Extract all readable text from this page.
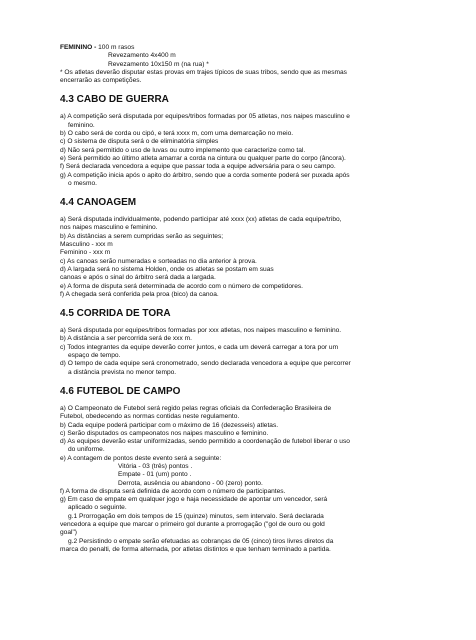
FEMININO - 100 m rasos
Revezamento 4x400 m
Revezamento 10x150 m (na rua) *
* Os atletas deverão disputar estas provas em trajes típicos de suas tribos, sendo que as mesmas
encerrarão as competições.
4.3 CABO DE GUERRA
a) A competição será disputada por equipes/tribos formadas por 05 atletas, nos naipes masculino e
feminino.
b) O cabo será de corda ou cipó, e terá xxxx m, com uma demarcação no meio.
c) O sistema de disputa será o de eliminatória simples
d) Não será permitido o uso de luvas ou outro implemento que caracterize como tal.
e) Será permitido ao último atleta amarrar a corda na cintura ou qualquer parte do corpo (âncora).
f) Será declarada vencedora a equipe que passar toda a equipe adversária para o seu campo.
g) A competição inicia após o apito do árbitro, sendo que a corda somente poderá ser puxada após
o mesmo.
4.4 CANOAGEM
a) Será disputada individualmente, podendo participar até xxxx (xx) atletas de cada equipe/tribo,
nos naipes masculino e feminino.
b) As distâncias a serem cumpridas serão as seguintes;
Masculino - xxx m
Feminino - xxx m
c) As canoas serão numeradas e sorteadas no dia anterior à prova.
d) A largada será no sistema Holden, onde os atletas se postam em suas
canoas e após o sinal do árbitro será dada a largada.
e) A forma de disputa será determinada de acordo com o número de competidores.
f) A chegada será conferida pela proa (bico) da canoa.
4.5 CORRIDA DE TORA
a) Será disputada por equipes/tribos formadas por xxx atletas, nos naipes masculino e feminino.
b) A distância a ser percorrida será de xxx m.
c) Todos integrantes da equipe deverão correr juntos, e cada um deverá carregar a tora por um
espaço de tempo.
d) O tempo de cada equipe será cronometrado, sendo declarada vencedora a equipe que percorrer
a distância prevista no menor tempo.
4.6 FUTEBOL DE CAMPO
a) O Campeonato de Futebol será regido pelas regras oficiais da Confederação Brasileira de
Futebol, obedecendo as normas contidas neste regulamento.
b) Cada equipe poderá participar com o máximo de 16 (dezesseis) atletas.
c) Serão disputados os campeonatos nos naipes masculino e feminino.
d) As equipes deverão estar uniformizadas, sendo permitido a coordenação de futebol liberar o uso
do uniforme.
e) A contagem de pontos deste evento será a seguinte:
Vitória - 03 (três) pontos .
Empate - 01 (um) ponto .
Derrota, ausência ou abandono - 00 (zero) ponto.
f) A forma de disputa será definida de acordo com o número de participantes.
g) Em caso de empate em qualquer jogo e haja necessidade de apontar um vencedor, será
aplicado o seguinte.
g.1 Prorrogação em dois tempos de 15 (quinze) minutos, sem intervalo. Será declarada
vencedora a equipe que marcar o primeiro gol durante a prorrogação ("gol de ouro ou gold
goal")
g.2 Persistindo o empate serão efetuadas as cobranças de 05 (cinco) tiros livres diretos da
marca do penalti, de forma alternada, por atletas distintos e que tenham terminado a partida.
